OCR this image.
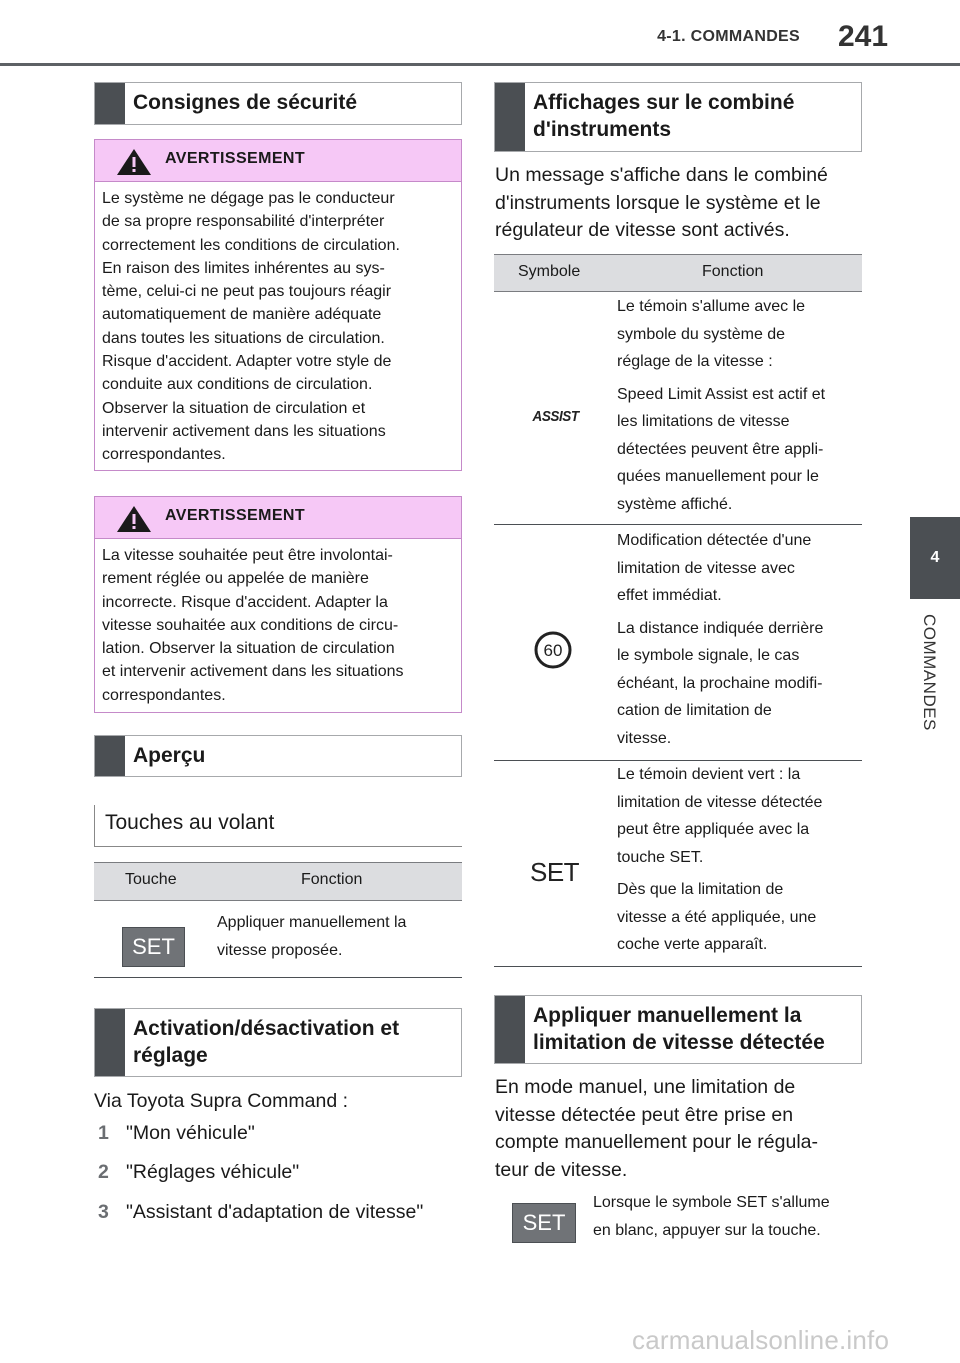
4-1. COMMANDES 241
4
COMMANDES
Consignes de sécurité
AVERTISSEMENT
Le système ne dégage pas le conducteur
de sa propre responsabilité d'interpréter
correctement les conditions de circulation.
En raison des limites inhérentes au sys-
tème, celui-ci ne peut pas toujours réagir
automatiquement de manière adéquate
dans toutes les situations de circulation.
Risque d'accident. Adapter votre style de
conduite aux conditions de circulation.
Observer la situation de circulation et
intervenir activement dans les situations
correspondantes.
AVERTISSEMENT
La vitesse souhaitée peut être involontai-
rement réglée ou appelée de manière
incorrecte. Risque d'accident. Adapter la
vitesse souhaitée aux conditions de circu-
lation. Observer la situation de circulation
et intervenir activement dans les situations
correspondantes.
Aperçu
Touches au volant
Touche	Fonction
SET
Appliquer manuellement la
vitesse proposée.
Activation/désactivation et
réglage
Via Toyota Supra Command :
1 "Mon véhicule"
2 "Réglages véhicule"
3 "Assistant d'adaptation de vitesse"
Affichages sur le combiné
d'instruments
Un message s'affiche dans le combiné
d'instruments lorsque le système et le
régulateur de vitesse sont activés.
Symbole	Fonction
ASSIST

Le témoin s'allume avec le
symbole du système de
réglage de la vitesse :

Speed Limit Assist est actif et
les limitations de vitesse
détectées peuvent être appli-
quées manuellement pour le
système affiché.

60

Modification détectée d'une
limitation de vitesse avec
effet immédiat.

La distance indiquée derrière
le symbole signale, le cas
échéant, la prochaine modifi-
cation de limitation de
vitesse.

SET

Le témoin devient vert : la
limitation de vitesse détectée
peut être appliquée avec la
touche SET.

Dès que la limitation de
vitesse a été appliquée, une
coche verte apparaît.

Appliquer manuellement la
limitation de vitesse détectée
En mode manuel, une limitation de
vitesse détectée peut être prise en
compte manuellement pour le régula-
teur de vitesse.
SET
Lorsque le symbole SET s'allume
en blanc, appuyer sur la touche.
carmanualsonline.info
